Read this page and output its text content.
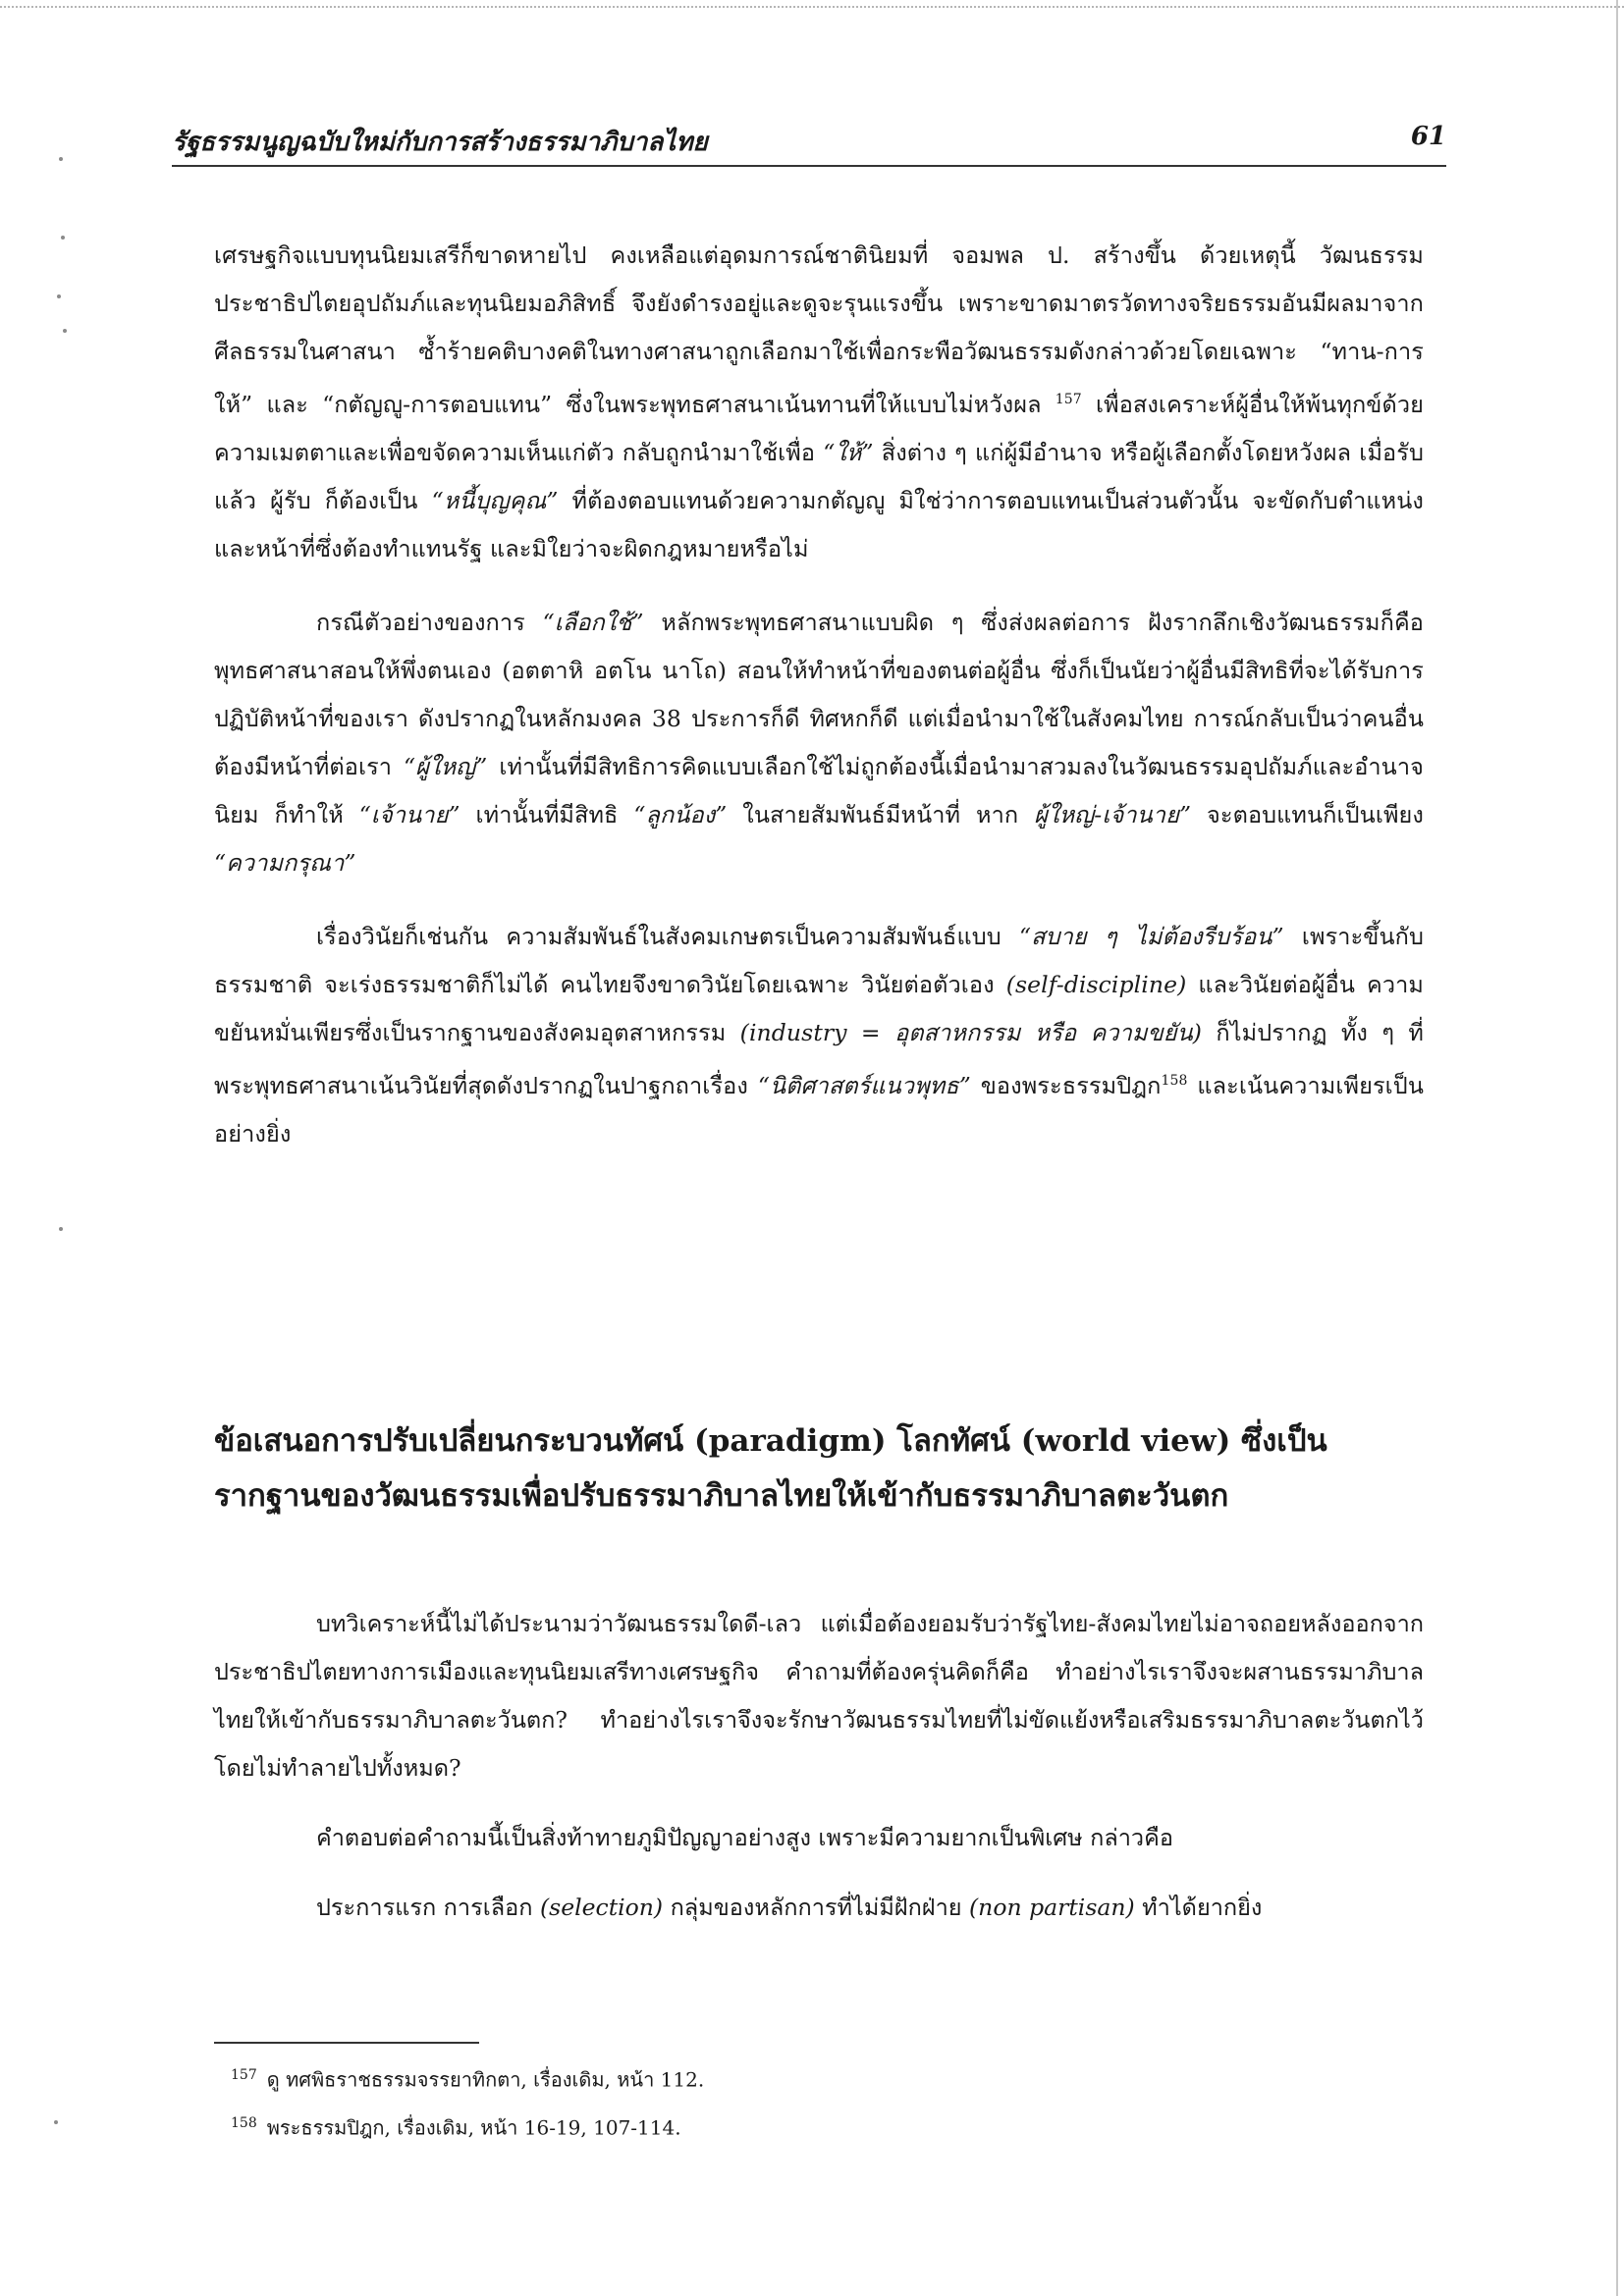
รัฐธรรมนูญฉบับใหม่กับการสร้างธรรมาภิบาลไทย	61

เศรษฐกิจแบบทุนนิยมเสรีก็ขาดหายไป คงเหลือแต่อุดมการณ์ชาตินิยมที่ จอมพล ป. สร้างขึ้น ด้วยเหตุนี้ วัฒนธรรมประชาธิปไตยอุปถัมภ์และทุนนิยมอภิสิทธิ์ จึงยังดำรงอยู่และดูจะรุนแรงขึ้น เพราะขาดมาตรวัดทางจริยธรรมอันมีผลมาจากศีลธรรมในศาสนา ซ้ำร้ายคติบางคติในทางศาสนาถูกเลือกมาใช้เพื่อกระพือวัฒนธรรมดังกล่าวด้วยโดยเฉพาะ “ทาน-การให้” และ “กตัญญู-การตอบแทน” ซึ่งในพระพุทธศาสนาเน้นทานที่ให้แบบไม่หวังผล $^{157}$ เพื่อสงเคราะห์ผู้อื่นให้พ้นทุกข์ด้วยความเมตตาและเพื่อขจัดความเห็นแก่ตัว กลับถูกนำมาใช้เพื่อ “ให้” สิ่งต่าง ๆ แก่ผู้มีอำนาจ หรือผู้เลือกตั้งโดยหวังผล เมื่อรับแล้ว ผู้รับ ก็ต้องเป็น “หนี้บุญคุณ” ที่ต้องตอบแทนด้วยความกตัญญู มิใช่ว่าการตอบแทนเป็นส่วนตัวนั้น จะขัดกับตำแหน่งและหน้าที่ซึ่งต้องทำแทนรัฐ และมิใยว่าจะผิดกฎหมายหรือไม่

กรณีตัวอย่างของการ “เลือกใช้” หลักพระพุทธศาสนาแบบผิด ๆ ซึ่งส่งผลต่อการ ฝังรากลึกเชิงวัฒนธรรมก็คือ พุทธศาสนาสอนให้พึ่งตนเอง (อตตาหิ อตโน นาโถ) สอนให้ทำหน้าที่ของตนต่อผู้อื่น ซึ่งก็เป็นนัยว่าผู้อื่นมีสิทธิที่จะได้รับการปฏิบัติหน้าที่ของเรา ดังปรากฏในหลักมงคล 38 ประการก็ดี ทิศหกก็ดี แต่เมื่อนำมาใช้ในสังคมไทย การณ์กลับเป็นว่าคนอื่นต้องมีหน้าที่ต่อเรา “ผู้ใหญ่” เท่านั้นที่มีสิทธิการคิดแบบเลือกใช้ไม่ถูกต้องนี้เมื่อนำมาสวมลงในวัฒนธรรมอุปถัมภ์และอำนาจนิยม ก็ทำให้ “เจ้านาย” เท่านั้นที่มีสิทธิ “ลูกน้อง” ในสายสัมพันธ์มีหน้าที่ หาก ผู้ใหญ่-เจ้านาย” จะตอบแทนก็เป็นเพียง “ความกรุณา”

เรื่องวินัยก็เช่นกัน ความสัมพันธ์ในสังคมเกษตรเป็นความสัมพันธ์แบบ “สบาย ๆ ไม่ต้องรีบร้อน” เพราะขึ้นกับธรรมชาติ จะเร่งธรรมชาติก็ไม่ได้ คนไทยจึงขาดวินัยโดยเฉพาะ วินัยต่อตัวเอง (self-discipline) และวินัยต่อผู้อื่น ความขยันหมั่นเพียรซึ่งเป็นรากฐานของสังคมอุตสาหกรรม (industry = อุตสาหกรรม หรือ ความขยัน) ก็ไม่ปรากฏ ทั้ง ๆ ที่พระพุทธศาสนาเน้นวินัยที่สุดดังปรากฏในปาฐกถาเรื่อง “นิติศาสตร์แนวพุทธ” ของพระธรรมปิฎก$^{158}$ และเน้นความเพียรเป็นอย่างยิ่ง

ข้อเสนอการปรับเปลี่ยนกระบวนทัศน์ (paradigm) โลกทัศน์ (world view) ซึ่งเป็น
รากฐานของวัฒนธรรมเพื่อปรับธรรมาภิบาลไทยให้เข้ากับธรรมาภิบาลตะวันตก

บทวิเคราะห์นี้ไม่ได้ประนามว่าวัฒนธรรมใดดี-เลว แต่เมื่อต้องยอมรับว่ารัฐไทย-สังคมไทยไม่อาจถอยหลังออกจากประชาธิปไตยทางการเมืองและทุนนิยมเสรีทางเศรษฐกิจ คำถามที่ต้องครุ่นคิดก็คือ ทำอย่างไรเราจึงจะผสานธรรมาภิบาลไทยให้เข้ากับธรรมาภิบาลตะวันตก? ทำอย่างไรเราจึงจะรักษาวัฒนธรรมไทยที่ไม่ขัดแย้งหรือเสริมธรรมาภิบาลตะวันตกไว้โดยไม่ทำลายไปทั้งหมด?

คำตอบต่อคำถามนี้เป็นสิ่งท้าทายภูมิปัญญาอย่างสูง เพราะมีความยากเป็นพิเศษ กล่าวคือ

ประการแรก การเลือก (selection) กลุ่มของหลักการที่ไม่มีฝักฝ่าย (non partisan) ทำได้ยากยิ่ง

$^{157}$ ดู ทศพิธราชธรรมจรรยาทิกตา, เรื่องเดิม, หน้า 112.
$^{158}$ พระธรรมปิฎก, เรื่องเดิม, หน้า 16-19, 107-114.
